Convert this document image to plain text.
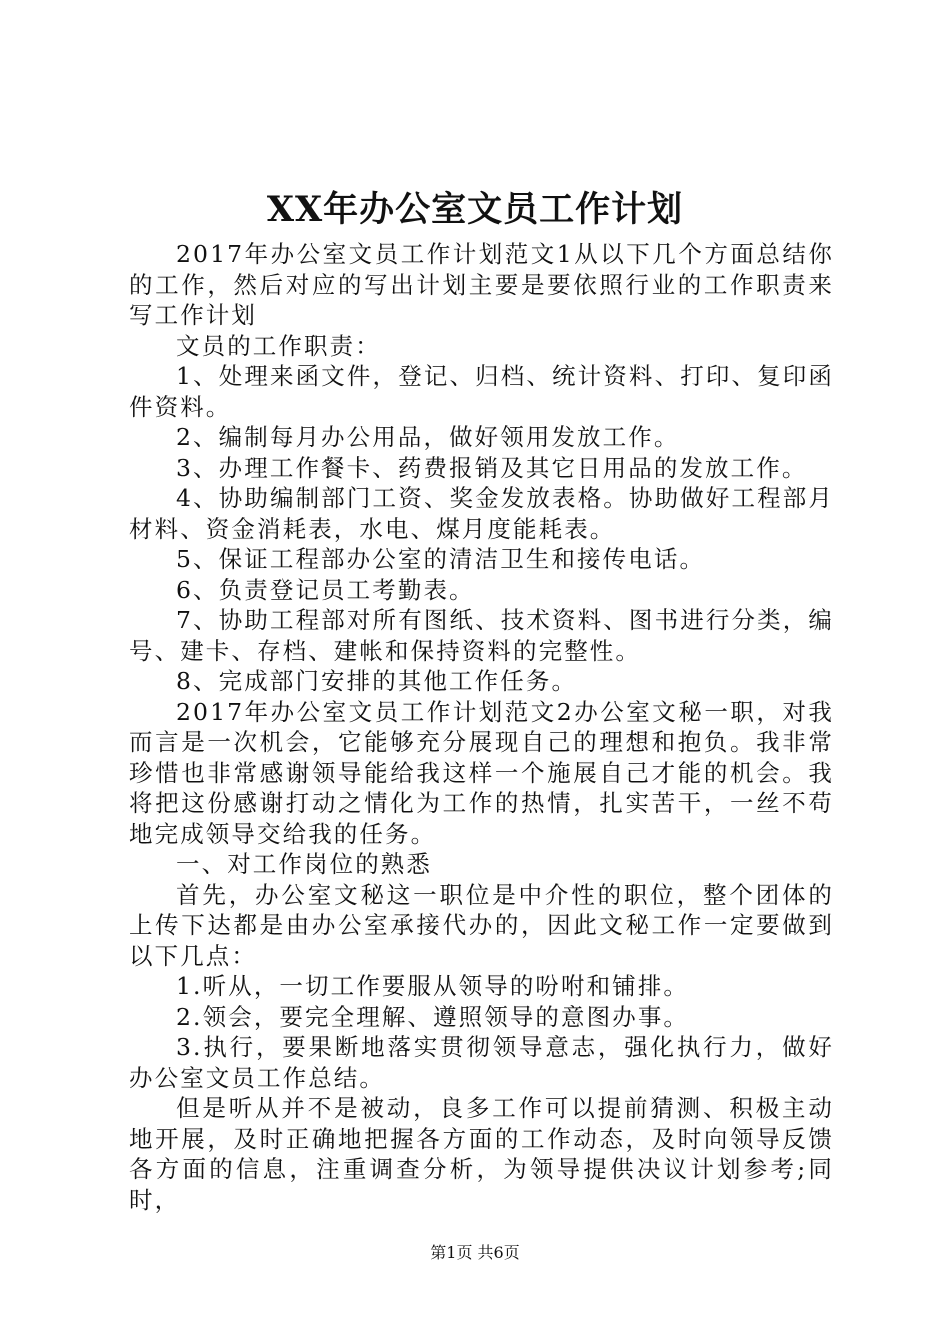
XX年办公室文员工作计划

2017年办公室文员工作计划范文1从以下几个方面总结你的工作，然后对应的写出计划主要是要依照行业的工作职责来写工作计划

文员的工作职责：

1、处理来函文件，登记、归档、统计资料、打印、复印函件资料。

2、编制每月办公用品，做好领用发放工作。

3、办理工作餐卡、药费报销及其它日用品的发放工作。

4、协助编制部门工资、奖金发放表格。协助做好工程部月材料、资金消耗表，水电、煤月度能耗表。

5、保证工程部办公室的清洁卫生和接传电话。

6、负责登记员工考勤表。

7、协助工程部对所有图纸、技术资料、图书进行分类，编号、建卡、存档、建帐和保持资料的完整性。

8、完成部门安排的其他工作任务。

2017年办公室文员工作计划范文2办公室文秘一职，对我而言是一次机会，它能够充分展现自己的理想和抱负。我非常珍惜也非常感谢领导能给我这样一个施展自己才能的机会。我将把这份感谢打动之情化为工作的热情，扎实苦干，一丝不苟地完成领导交给我的任务。

一、对工作岗位的熟悉

首先，办公室文秘这一职位是中介性的职位，整个团体的上传下达都是由办公室承接代办的，因此文秘工作一定要做到以下几点：

1.听从，一切工作要服从领导的吩咐和铺排。

2.领会，要完全理解、遵照领导的意图办事。

3.执行，要果断地落实贯彻领导意志，强化执行力，做好办公室文员工作总结。

但是听从并不是被动，良多工作可以提前猜测、积极主动地开展，及时正确地把握各方面的工作动态，及时向领导反馈各方面的信息，注重调查分析，为领导提供决议计划参考;同时，

第1页 共6页
